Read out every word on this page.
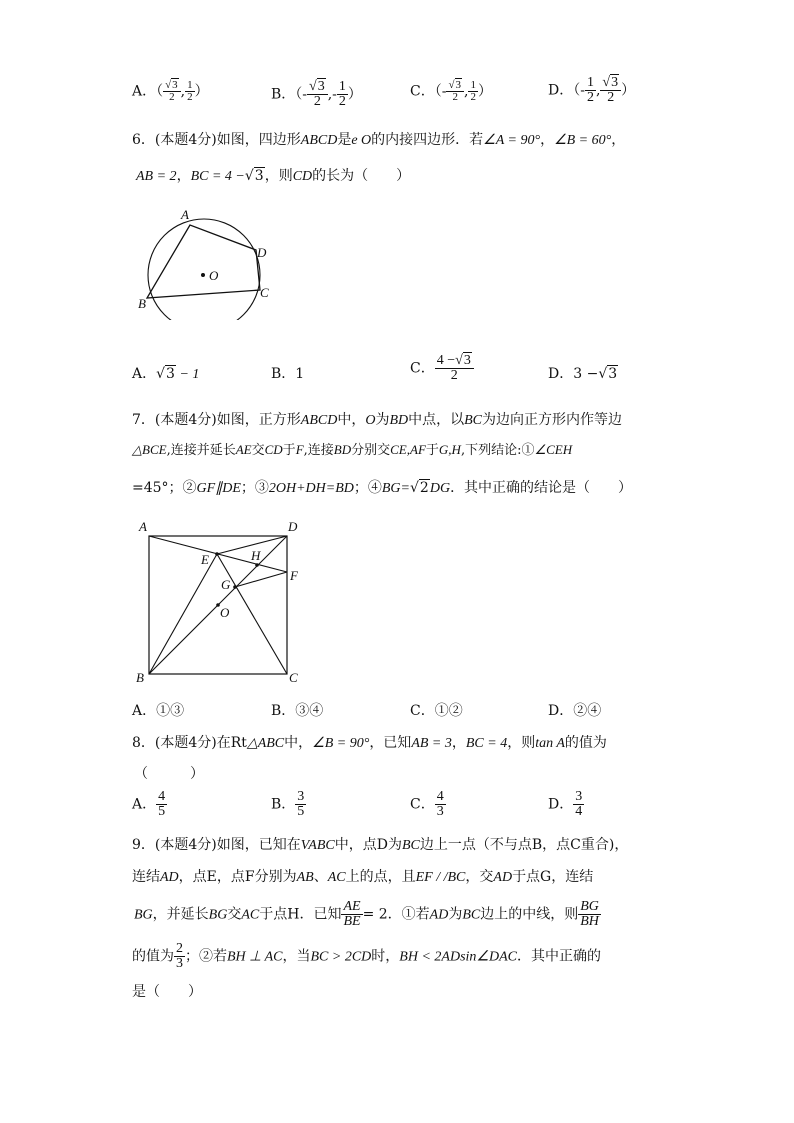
A．（ $\frac{√3}{2}$ , $\frac{1}{2}$ ）	B．（- $\frac{√3}{2}$ ,- $\frac{1}{2}$ ）	C．（- $\frac{√3}{2}$ , $\frac{1}{2}$ ）	D．（- $\frac{1}{2}$ , $\frac{√3}{2}$ ）
6．(本题4分)如图，四边形ABCD是e O的内接四边形．若∠A = 90°，∠B = 60°，
AB = 2，BC = 4 −√3，则CD的长为（　　）
A
B
C
D
O
A．√3 − 1	B．1	C． $\frac{4 -√3}{2}$	D．3 −√3
7．(本题4分)如图，正方形ABCD中，O为BD中点，以BC为边向正方形内作等边
△BCE,连接并延长AE交CD于F,连接BD分别交CE,AF于G,H,下列结论:①∠CEH
=45°；②GF∥DE；③2OH+DH=BD；④BG=√2DG．其中正确的结论是（　　）
A	D
B	C
E	H
F
G
O
A．①③	B．③④	C．①②	D．②④
8．(本题4分)在Rt△ABC中，∠B = 90°，已知AB = 3，BC = 4，则tan A的值为
（　　　）
A． $\frac{4}{5}$	B． $\frac{3}{5}$	C． $\frac{4}{3}$	D． $\frac{3}{4}$
9．(本题4分)如图，已知在VABC中，点D为BC边上一点（不与点B，点C重合)，
连结AD，点E，点F分别为AB、AC上的点，且EF / /BC，交AD于点G，连结
BG，并延长BG交AC于点H．已知 $\frac{AE}{BE} = 2$．①若AD为BC边上的中线，则 $\frac{BG}{BH}$
的值为 $\frac{2}{3}$ ；②若BH ⊥ AC，当BC > 2CD时，BH < 2ADsin∠DAC．其中正确的
是（　　）
